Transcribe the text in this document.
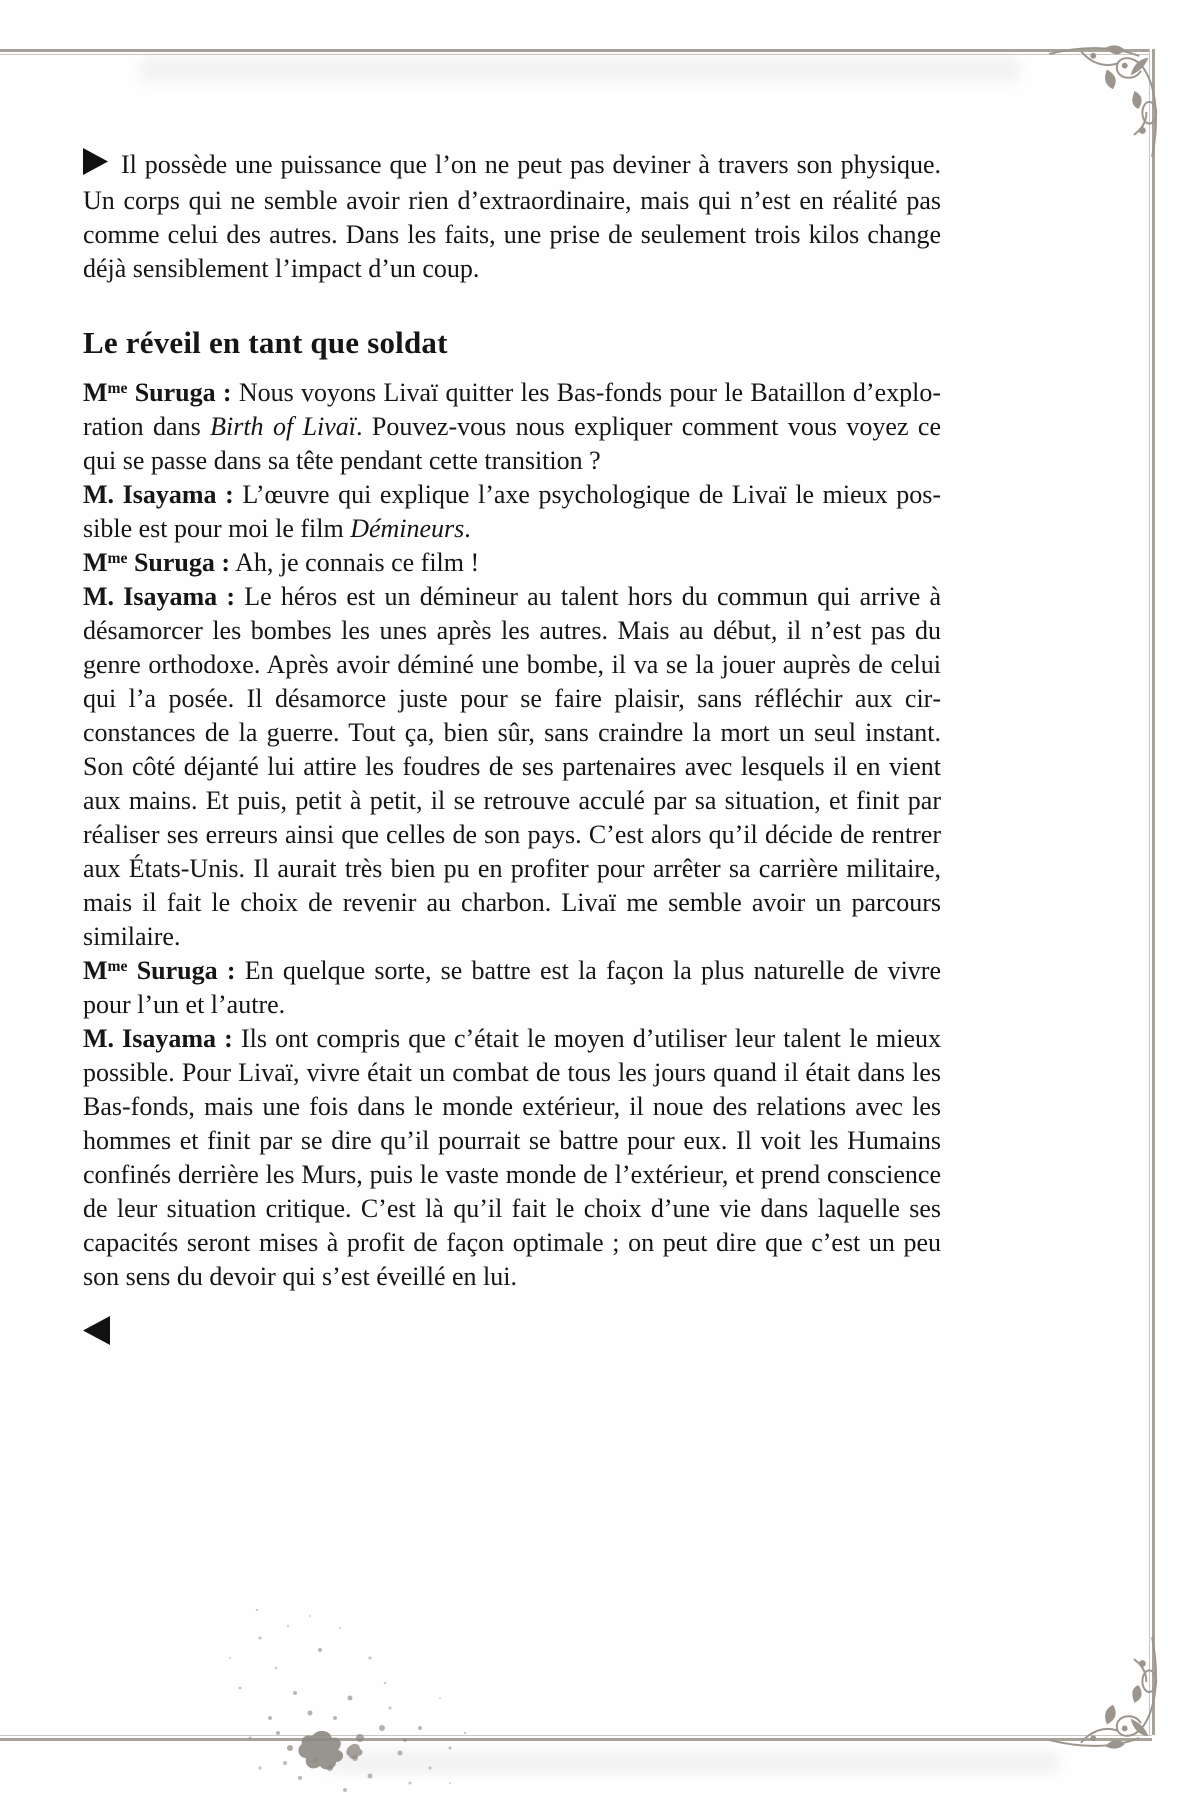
Il possède une puissance que l’on ne peut pas deviner à travers son physique. Un corps qui ne semble avoir rien d’extraordinaire, mais qui n’est en réalité pas comme celui des autres. Dans les faits, une prise de seulement trois kilos change déjà sensiblement l’impact d’un coup.

Le réveil en tant que soldat

$M^{me}$ Suruga : Nous voyons Livaï quitter les Bas-fonds pour le Bataillon d’exploration dans Birth of Livaï. Pouvez-vous nous expliquer comment vous voyez ce qui se passe dans sa tête pendant cette transition ?

M. Isayama : L’œuvre qui explique l’axe psychologique de Livaï le mieux possible est pour moi le film Démineurs.

$M^{me}$ Suruga : Ah, je connais ce film !

M. Isayama : Le héros est un démineur au talent hors du commun qui arrive à désamorcer les bombes les unes après les autres. Mais au début, il n’est pas du genre orthodoxe. Après avoir déminé une bombe, il va se la jouer auprès de celui qui l’a posée. Il désamorce juste pour se faire plaisir, sans réfléchir aux circonstances de la guerre. Tout ça, bien sûr, sans craindre la mort un seul instant. Son côté déjanté lui attire les foudres de ses partenaires avec lesquels il en vient aux mains. Et puis, petit à petit, il se retrouve acculé par sa situation, et finit par réaliser ses erreurs ainsi que celles de son pays. C’est alors qu’il décide de rentrer aux États-Unis. Il aurait très bien pu en profiter pour arrêter sa carrière militaire, mais il fait le choix de revenir au charbon. Livaï me semble avoir un parcours similaire.

$M^{me}$ Suruga : En quelque sorte, se battre est la façon la plus naturelle de vivre pour l’un et l’autre.

M. Isayama : Ils ont compris que c’était le moyen d’utiliser leur talent le mieux possible. Pour Livaï, vivre était un combat de tous les jours quand il était dans les Bas-fonds, mais une fois dans le monde extérieur, il noue des relations avec les hommes et finit par se dire qu’il pourrait se battre pour eux. Il voit les Humains confinés derrière les Murs, puis le vaste monde de l’extérieur, et prend conscience de leur situation critique. C’est là qu’il fait le choix d’une vie dans laquelle ses capacités seront mises à profit de façon optimale ; on peut dire que c’est un peu son sens du devoir qui s’est éveillé en lui.
